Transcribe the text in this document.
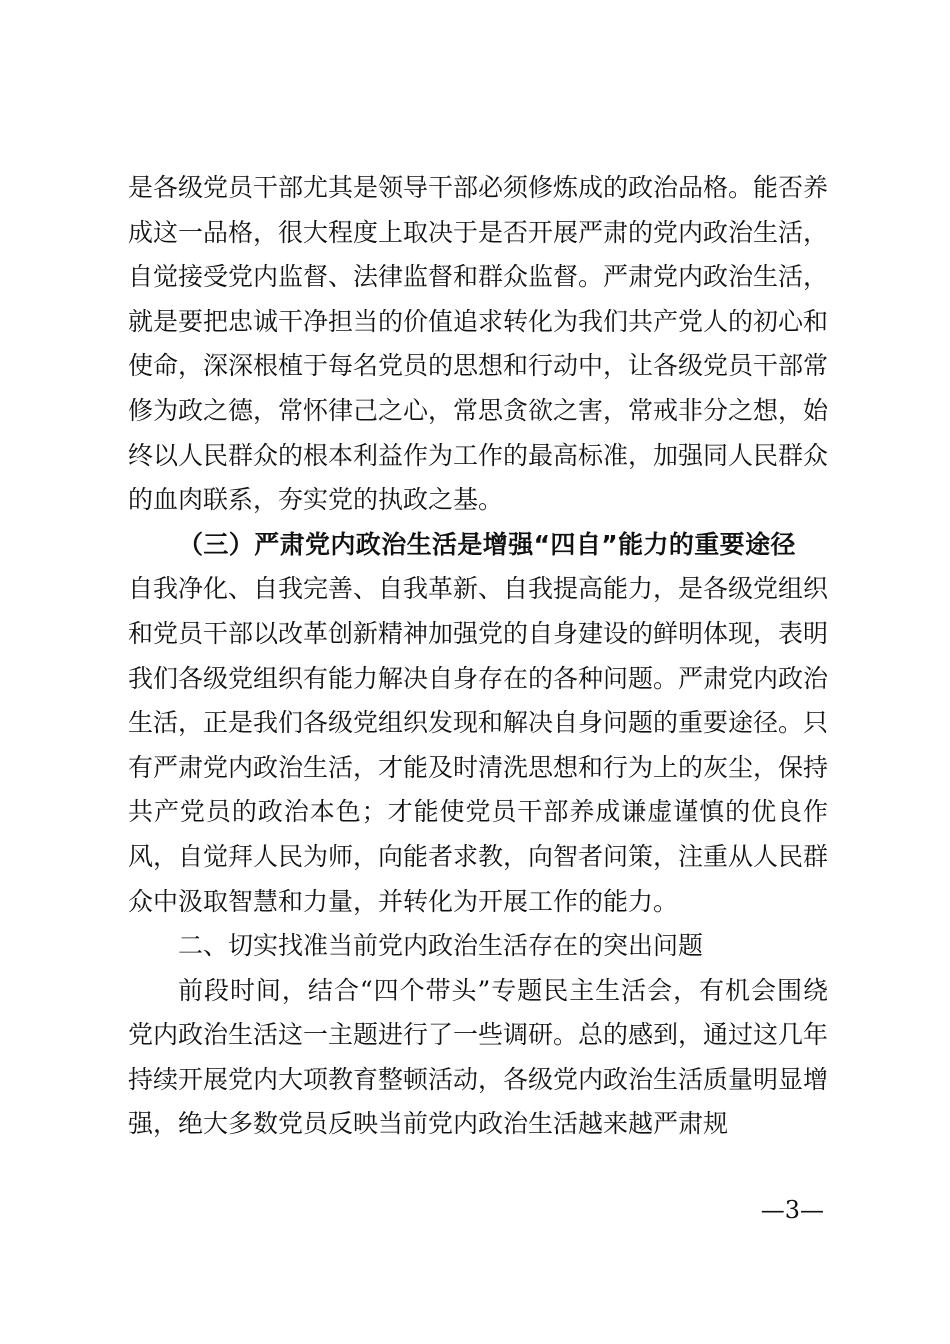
是各级党员干部尤其是领导干部必须修炼成的政治品格。能否养成这一品格，很大程度上取决于是否开展严肃的党内政治生活，自觉接受党内监督、法律监督和群众监督。严肃党内政治生活，就是要把忠诚干净担当的价值追求转化为我们共产党人的初心和使命，深深根植于每名党员的思想和行动中，让各级党员干部常修为政之德，常怀律己之心，常思贪欲之害，常戒非分之想，始终以人民群众的根本利益作为工作的最高标准，加强同人民群众的血肉联系，夯实党的执政之基。

（三）严肃党内政治生活是增强“四自”能力的重要途径

自我净化、自我完善、自我革新、自我提高能力，是各级党组织和党员干部以改革创新精神加强党的自身建设的鲜明体现，表明我们各级党组织有能力解决自身存在的各种问题。严肃党内政治生活，正是我们各级党组织发现和解决自身问题的重要途径。只有严肃党内政治生活，才能及时清洗思想和行为上的灰尘，保持共产党员的政治本色；才能使党员干部养成谦虚谨慎的优良作风，自觉拜人民为师，向能者求教，向智者问策，注重从人民群众中汲取智慧和力量，并转化为开展工作的能力。

二、切实找准当前党内政治生活存在的突出问题

前段时间，结合“四个带头”专题民主生活会，有机会围绕党内政治生活这一主题进行了一些调研。总的感到，通过这几年持续开展党内大项教育整顿活动，各级党内政治生活质量明显增强，绝大多数党员反映当前党内政治生活越来越严肃规

—3—
